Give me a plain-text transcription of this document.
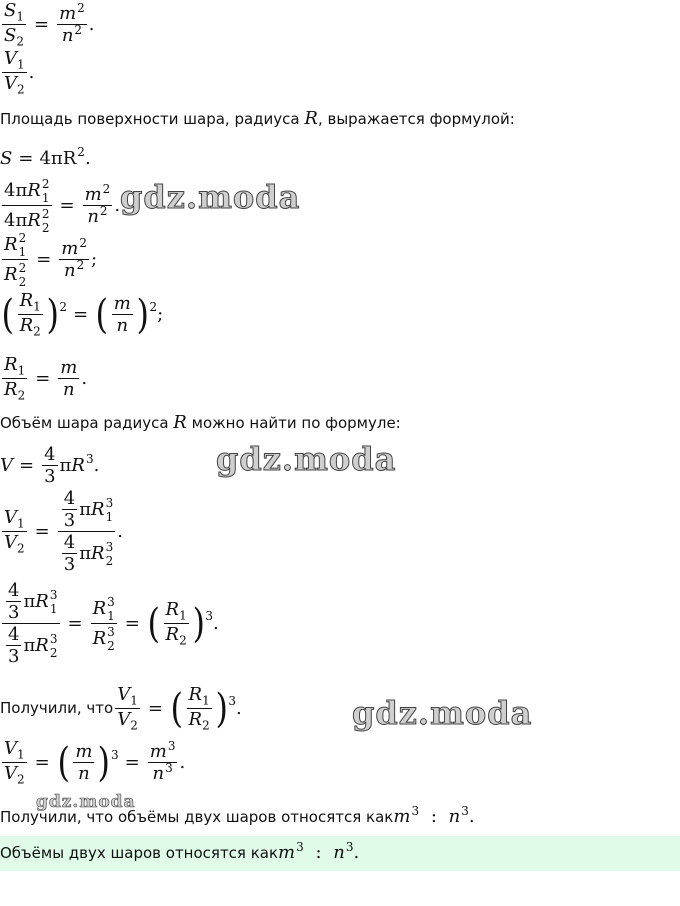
$\frac{S_1}{S_2} = \frac{m^2}{n^2}$ .
$\frac{V_1}{V_2}$ .
Площадь поверхности шара, радиуса R, выражается формулой:
S = 4π R 2 .
4πR 2
1
4πR 2
$2 = \frac{m^2}{n^2}$ . gdz.moda
R 2
1
R 2
$2 = \frac{m^2}{n^2}$ ;
( $\frac{R_1}{R_2}$ ) 2 = ( $\frac{m}{n}$ ) 2 ;
$\frac{R_1}{R_2} = \frac{m}{n}$ .
Объём шара радиуса R можно найти по формуле:
$V = \frac{4}{3}$ π R 3 .	gdz.moda
$\frac{V_1}{V_2} = \frac{4}{3}$ π R 3
1
$\frac{4}{3}$ π R 3
2 .
$\frac{4}{3}$ π R 3
1
$\frac{4}{3}$ π R 3
2 = R 3
1
R 3
2 = ( $\frac{R_1}{R_2}$ ) 3 .
Получили, что $\frac{V_1}{V_2}$ = ( $\frac{R_1}{R_2}$ ) 3 .	gdz.moda
$\frac{V_1}{V_2}$ = ( $\frac{m}{n}$ ) $3 = \frac{m^3}{n^3}$ .
gdz.moda
Получили, что объёмы двух шаров относятся как $m^3$ : $n^3$.
Объёмы двух шаров относятся как $m^3$ : $n^3$.
